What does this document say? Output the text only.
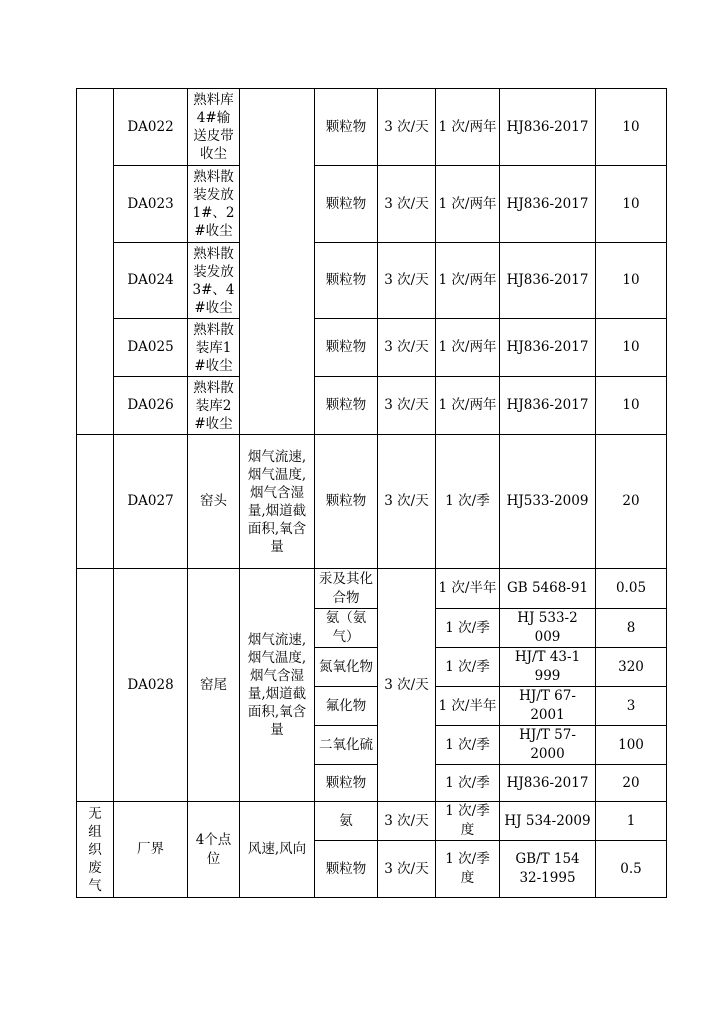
	DA022	熟料库4#输送皮带收尘		颗粒物	3 次/天	1 次/两年	HJ836-2017	10
	DA023	熟料散装发放1#、2#收尘		颗粒物	3 次/天	1 次/两年	HJ836-2017	10
	DA024	熟料散装发放3#、4#收尘		颗粒物	3 次/天	1 次/两年	HJ836-2017	10
	DA025	熟料散装库1#收尘		颗粒物	3 次/天	1 次/两年	HJ836-2017	10
	DA026	熟料散装库2#收尘		颗粒物	3 次/天	1 次/两年	HJ836-2017	10
	DA027	窑头	烟气流速,烟气温度,烟气含湿量,烟道截面积,氧含量	颗粒物	3 次/天	1 次/季	HJ533-2009	20
	DA028	窑尾	烟气流速,烟气温度,烟气含湿量,烟道截面积,氧含量	汞及其化合物	3 次/天	1 次/半年	GB 5468-91	0.05
				氨（氨气）		1 次/季	HJ 533-2009	8
				氮氧化物		1 次/季	HJ/T 43-1999	320
				氟化物		1 次/半年	HJ/T 67-2001	3
				二氧化硫		1 次/季	HJ/T 57-2000	100
				颗粒物		1 次/季	HJ836-2017	20
无组织废气	厂界	4个点位	风速,风向	氨	3 次/天	1 次/季度	HJ 534-2009	1
				颗粒物	3 次/天	1 次/季度	GB/T 15432-1995	0.5
